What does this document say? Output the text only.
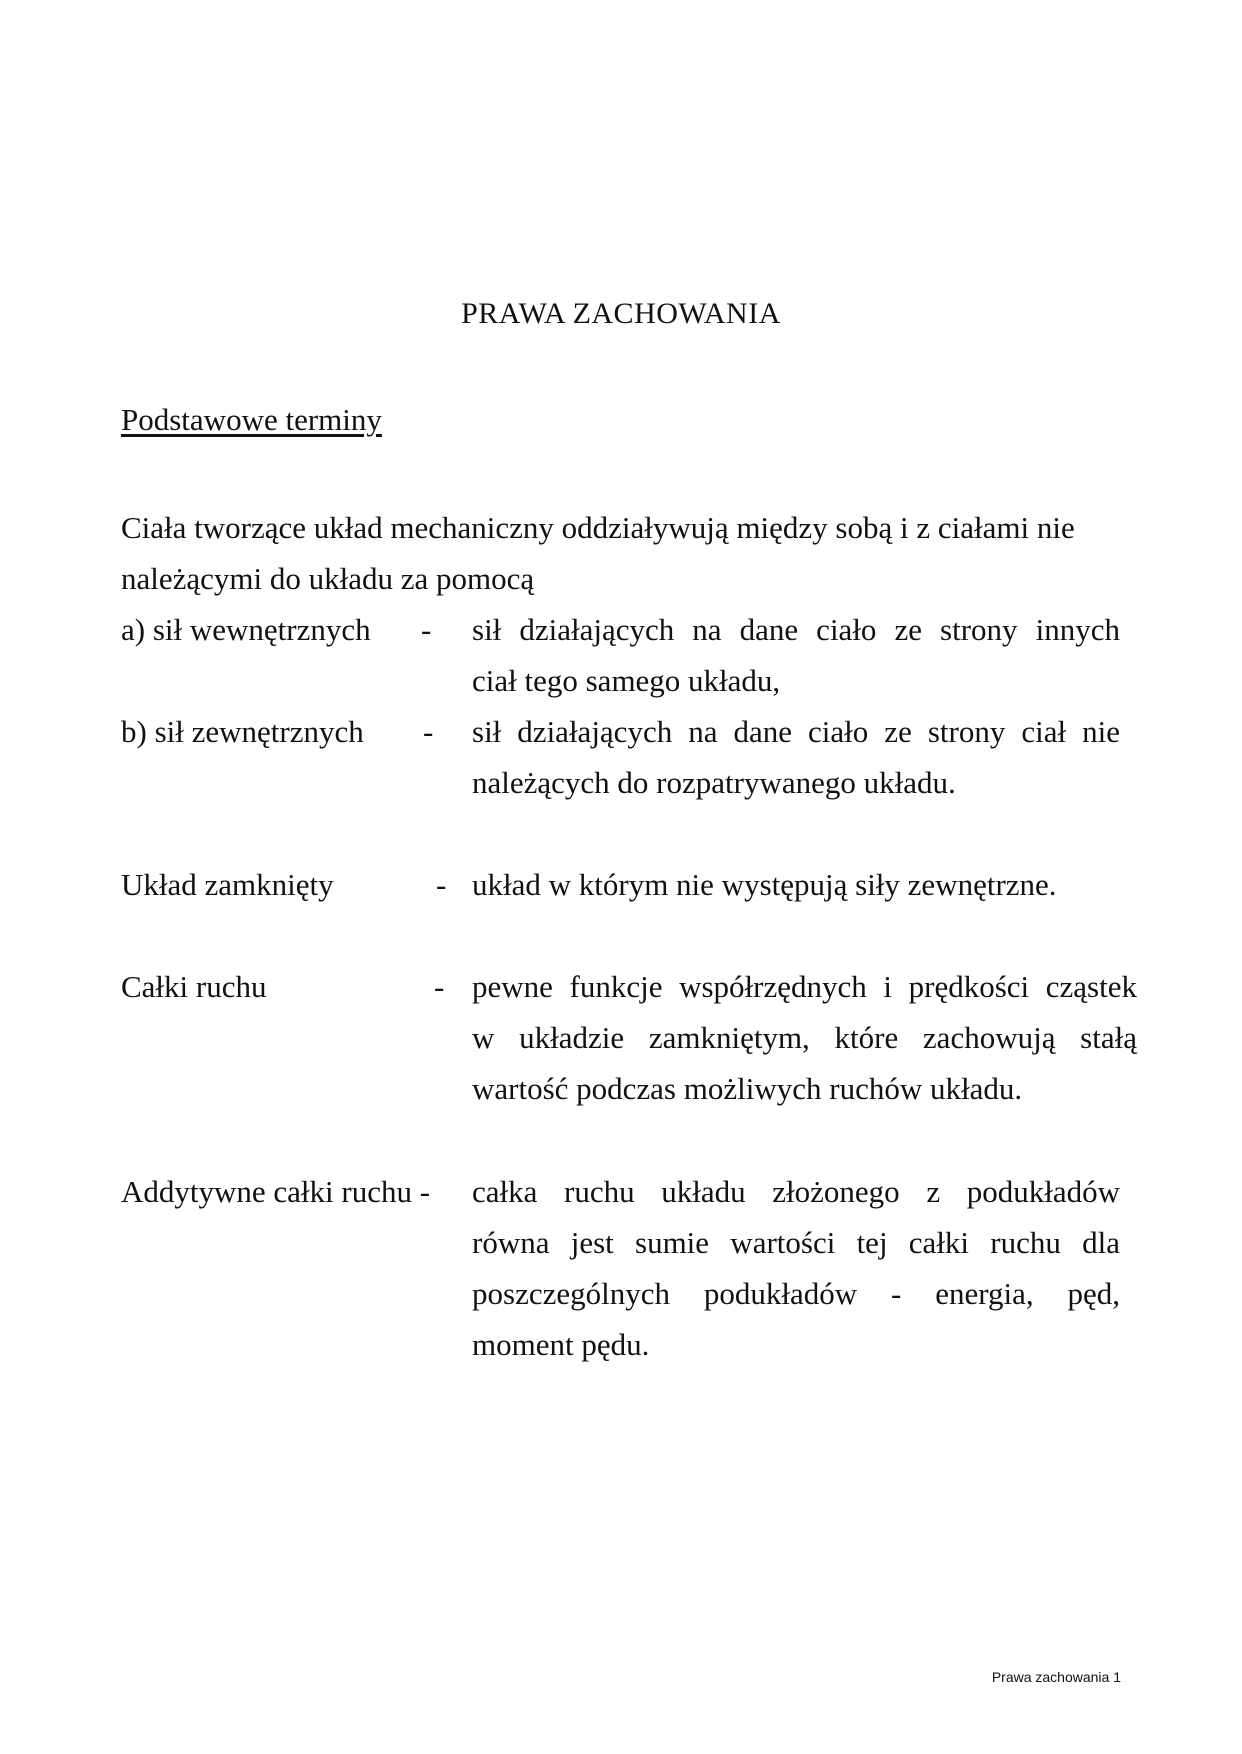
PRAWA ZACHOWANIA
Podstawowe terminy
Ciała tworzące układ mechaniczny oddziaływują między sobą i z ciałami nie
należącymi do układu za pomocą
a) sił wewnętrznych - sił działających na dane ciało ze strony innych
ciał tego samego układu,
b) sił zewnętrznych - sił działających na dane ciało ze strony ciał nie
należących do rozpatrywanego układu.
Układ zamknięty	- układ w którym nie występują siły zewnętrzne.
Całki ruchu	- pewne funkcje współrzędnych i prędkości cząstek
w układzie zamkniętym, które zachowują stałą
wartość podczas możliwych ruchów układu.
Addytywne całki ruchu - całka ruchu układu złożonego z podukładów
równa jest sumie wartości tej całki ruchu dla
poszczególnych podukładów - energia, pęd,
moment pędu.
Prawa zachowania 1
